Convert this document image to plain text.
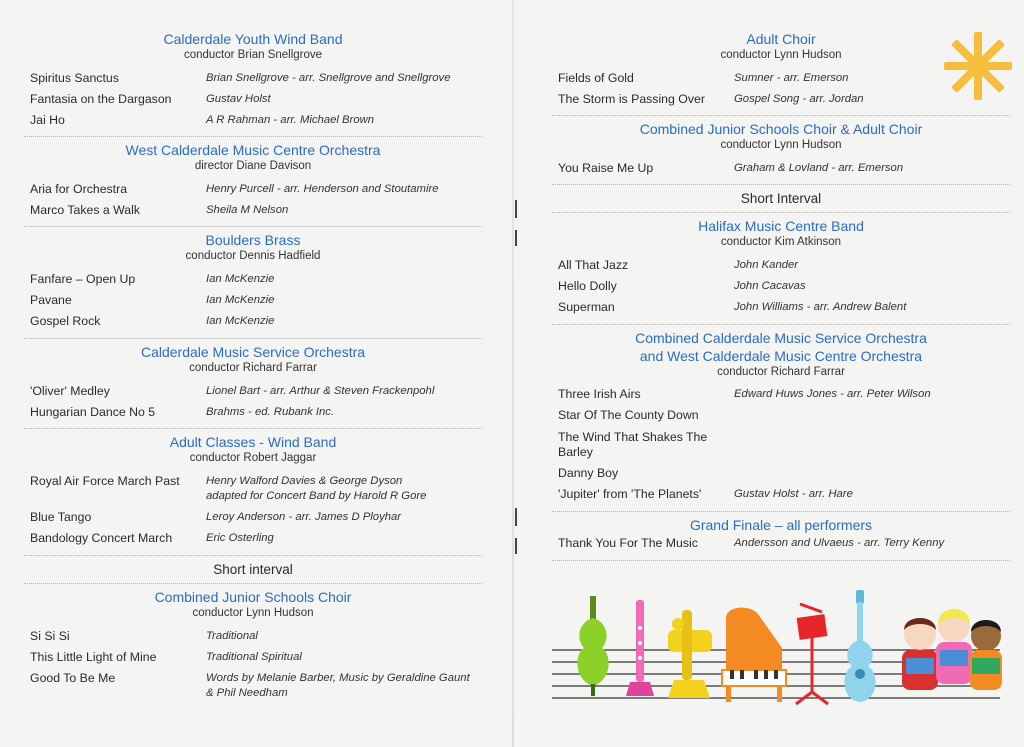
Calderdale Youth Wind Band
conductor Brian Snellgrove
Spiritus Sanctus	Brian Snellgrove - arr. Snellgrove and Snellgrove
Fantasia on the Dargason	Gustav Holst
Jai Ho	A R Rahman - arr. Michael Brown
West Calderdale Music Centre Orchestra
director Diane Davison
Aria for Orchestra	Henry Purcell - arr. Henderson and Stoutamire
Marco Takes a Walk	Sheila M Nelson
Boulders Brass
conductor Dennis Hadfield
Fanfare – Open Up	Ian McKenzie
Pavane	Ian McKenzie
Gospel Rock	Ian McKenzie
Calderdale Music Service Orchestra
conductor Richard Farrar
'Oliver' Medley	Lionel Bart - arr. Arthur & Steven Frackenpohl
Hungarian Dance No 5	Brahms - ed. Rubank Inc.
Adult Classes - Wind Band
conductor Robert Jaggar
Royal Air Force March Past	Henry Walford Davies & George Dyson
adapted for Concert Band by Harold R Gore
Blue Tango	Leroy Anderson - arr. James D Ployhar
Bandology Concert March	Eric Osterling
Short interval
Combined Junior Schools Choir
conductor Lynn Hudson
Si Si Si	Traditional
This Little Light of Mine	Traditional Spiritual
Good To Be Me	Words by Melanie Barber, Music by Geraldine Gaunt
& Phil Needham
Adult Choir
conductor Lynn Hudson
Fields of Gold	Sumner - arr. Emerson
The Storm is Passing Over	Gospel Song - arr. Jordan
Combined Junior Schools Choir & Adult Choir
conductor Lynn Hudson
You Raise Me Up	Graham & Lovland - arr. Emerson
Short Interval
Halifax Music Centre Band
conductor Kim Atkinson
All That Jazz	John Kander
Hello Dolly	John Cacavas
Superman	John Williams - arr. Andrew Balent
Combined Calderdale Music Service Orchestra
and West Calderdale Music Centre Orchestra
conductor Richard Farrar
Three Irish Airs	Edward Huws Jones - arr. Peter Wilson
Star Of The County Down
The Wind That Shakes The Barley
Danny Boy
'Jupiter' from 'The Planets'	Gustav Holst - arr. Hare
Grand Finale – all performers
Thank You For The Music	Andersson and Ulvaeus - arr. Terry Kenny
